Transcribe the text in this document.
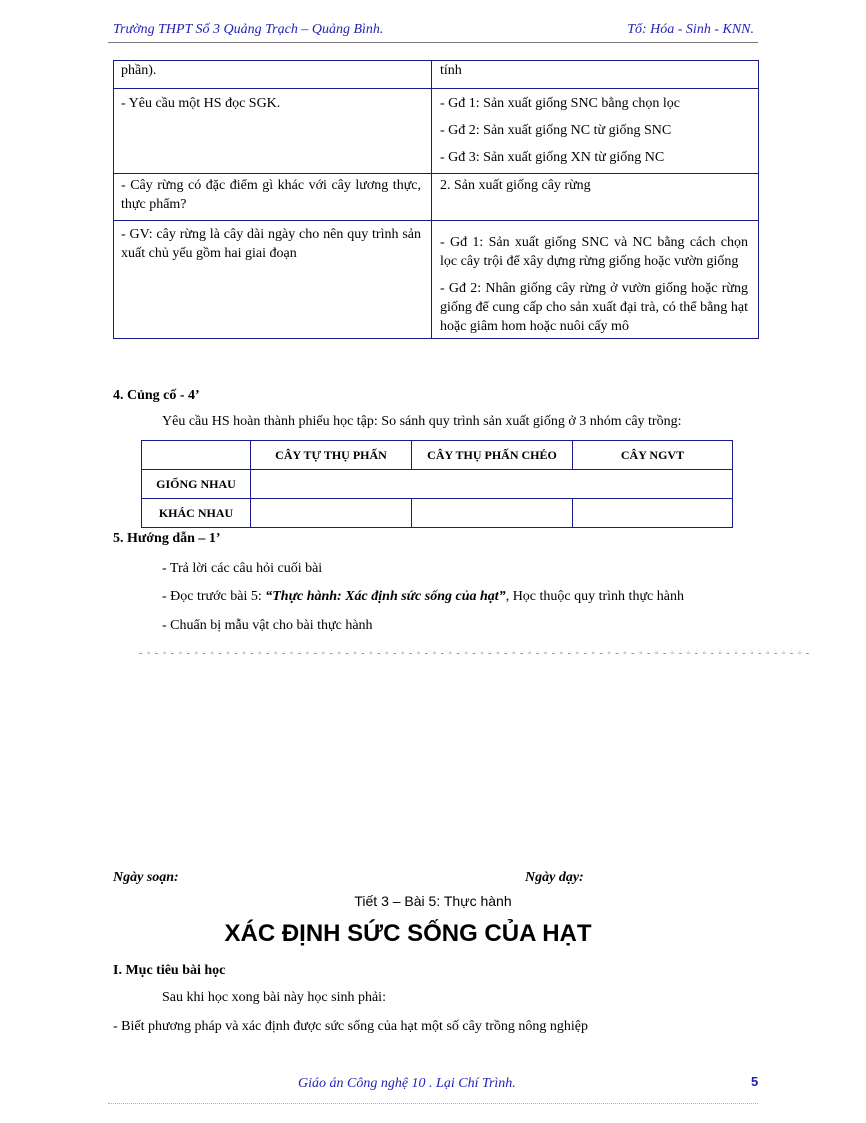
Trường THPT Số 3 Quảng Trạch – Quảng Bình.	Tổ: Hóa - Sinh - KNN.
phần).	tính

- Yêu cầu một HS đọc SGK.	- Gđ 1: Sản xuất giống SNC bằng chọn lọc
- Gđ 2: Sản xuất giống NC từ giống SNC
- Gđ 3: Sản xuất giống XN từ giống NC

- Cây rừng có đặc điểm gì khác với cây lương thực, thực phẩm?	2. Sản xuất giống cây rừng

- GV: cây rừng là cây dài ngày cho nên quy trình sản xuất chủ yếu gồm hai giai đoạn	- Gđ 1: Sản xuất giống SNC và NC bằng cách chọn lọc cây trội để xây dựng rừng giống hoặc vườn giống
- Gđ 2: Nhân giống cây rừng ở vườn giống hoặc rừng giống để cung cấp cho sản xuất đại trà, có thể bằng hạt hoặc giâm hom hoặc nuôi cấy mô
4. Củng cố - 4’
Yêu cầu HS hoàn thành phiếu học tập: So sánh quy trình sản xuất giống ở 3 nhóm cây trồng:
	CÂY TỰ THỤ PHẤN	CÂY THỤ PHẤN CHÉO	CÂY NGVT
GIỐNG NHAU			
KHÁC NHAU			
5. Hướng dẫn – 1’
- Trả lời các câu hỏi cuối bài
- Đọc trước bài 5: “Thực hành: Xác định sức sống của hạt”, Học thuộc quy trình thực hành
- Chuẩn bị mẫu vật cho bài thực hành
- ◦ - ◦ - ◦ - ◦ - ◦ - ◦ - ◦ - ◦ - ◦ - ◦ - ◦ - ◦ - ◦ - ◦ - ◦ - ◦ - ◦ - ◦ - ◦ - ◦ - ◦ - ◦ - ◦ - ◦ - ◦ - ◦ - ◦ - ◦ - ◦ - ◦ - ◦ - ◦ - ◦ - ◦ - ◦ - ◦ - ◦ - ◦ - ◦ - ◦ - ◦ - ◦ -
Ngày soạn:	Ngày dạy:
Tiết 3 – Bài 5: Thực hành
XÁC ĐỊNH SỨC SỐNG CỦA HẠT
I. Mục tiêu bài học
Sau khi học xong bài này học sinh phải:
- Biết phương pháp và xác định được sức sống của hạt một số cây trồng nông nghiệp
Giáo án Công nghệ 10 . Lại Chí Trình.	5
